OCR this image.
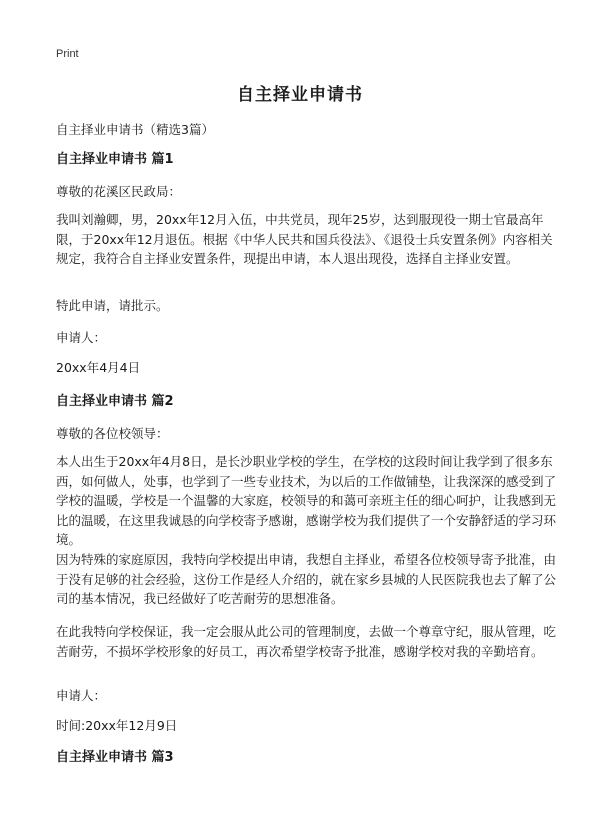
Print
自主择业申请书

自主择业申请书（精选3篇）

自主择业申请书 篇1

尊敬的花溪区民政局：

我叫刘瀚卿，男，20xx年12月入伍，中共党员，现年25岁，达到服现役一期士官最高年限，于20xx年12月退伍。根据《中华人民共和国兵役法》、《退役士兵安置条例》内容相关规定，我符合自主择业安置条件，现提出申请，本人退出现役，选择自主择业安置。

特此申请，请批示。

申请人：

20xx年4月4日

自主择业申请书 篇2

尊敬的各位校领导：

本人出生于20xx年4月8日，是长沙职业学校的学生，在学校的这段时间让我学到了很多东西，如何做人，处事，也学到了一些专业技术，为以后的工作做铺垫，让我深深的感受到了学校的温暖，学校是一个温馨的大家庭，校领导的和蔼可亲班主任的细心呵护，让我感到无比的温暖，在这里我诚恳的向学校寄予感谢，感谢学校为我们提供了一个安静舒适的学习环境。

因为特殊的家庭原因，我特向学校提出申请，我想自主择业，希望各位校领导寄予批准，由于没有足够的社会经验，这份工作是经人介绍的，就在家乡县城的人民医院我也去了解了公司的基本情况，我已经做好了吃苦耐劳的思想准备。

在此我特向学校保证，我一定会服从此公司的管理制度，去做一个尊章守纪，服从管理，吃苦耐劳，不损坏学校形象的好员工，再次希望学校寄予批准，感谢学校对我的辛勤培育。

申请人：

时间:20xx年12月9日

自主择业申请书 篇3
